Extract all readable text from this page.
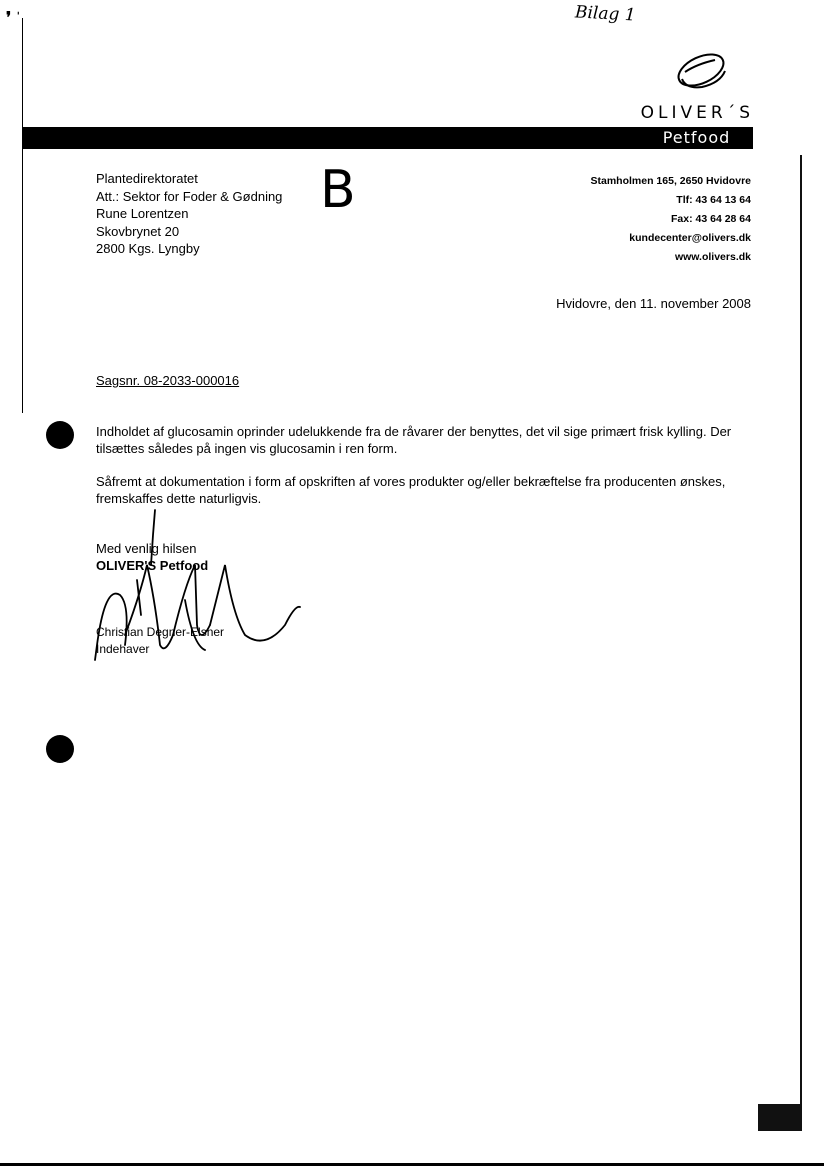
❜ ˈ	Bilag 1
OLIVER´S
Petfood
Plantedirektoratet
Att.: Sektor for Foder & Gødning
Rune Lorentzen
Skovbrynet 20
2800 Kgs. Lyngby
B	Stamholmen 165, 2650 Hvidovre
Tlf: 43 64 13 64
Fax: 43 64 28 64
kundecenter@olivers.dk
www.olivers.dk
Hvidovre, den 11. november 2008
Sagsnr. 08-2033-000016

Indholdet af glucosamin oprinder udelukkende fra de råvarer der benyttes, det vil sige primært frisk kylling. Der tilsættes således på ingen vis glucosamin i ren form.

Såfremt at dokumentation i form af opskriften af vores produkter og/eller bekræftelse fra producenten ønskes, fremskaffes dette naturligvis.

Med venlig hilsen
OLIVER'S Petfood
Christian Degner-Elsner
Indehaver
